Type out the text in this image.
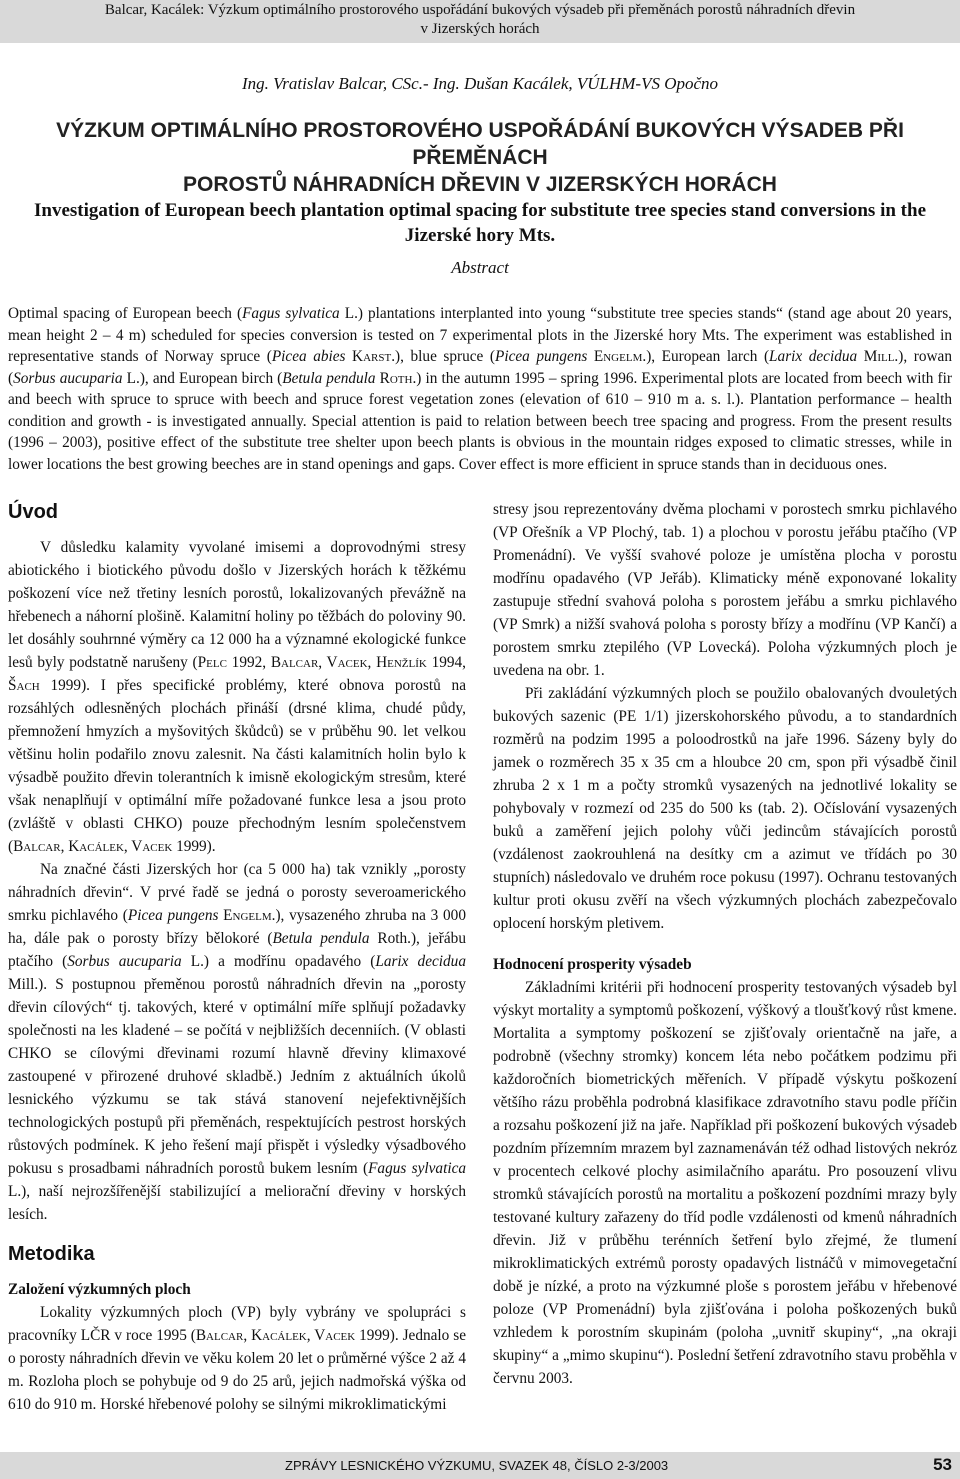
Balcar, Kacálek: Výzkum optimálního prostorového uspořádání bukových výsadeb při přeměnách porostů náhradních dřevin
v Jizerských horách
Ing. Vratislav Balcar, CSc.- Ing. Dušan Kacálek, VÚLHM-VS Opočno
VÝZKUM OPTIMÁLNÍHO PROSTOROVÉHO USPOŘÁDÁNÍ BUKOVÝCH VÝSADEB PŘI PŘEMĚNÁCH
POROSTŮ NÁHRADNÍCH DŘEVIN V JIZERSKÝCH HORÁCH
Investigation of European beech plantation optimal spacing for substitute tree species stand conversions in the Jizerské hory Mts.
Abstract
Optimal spacing of European beech (Fagus sylvatica L.) plantations interplanted into young “substitute tree species stands“ (stand age about 20 years, mean height 2 – 4 m) scheduled for species conversion is tested on 7 experimental plots in the Jizerské hory Mts. The experiment was established in representative stands of Norway spruce (Picea abies Karst.), blue spruce (Picea pungens Engelm.), European larch (Larix decidua Mill.), rowan (Sorbus aucuparia L.), and European birch (Betula pendula Roth.) in the autumn 1995 – spring 1996. Experimental plots are located from beech with fir and beech with spruce to spruce with beech and spruce forest vegetation zones (elevation of 610 – 910 m a. s. l.). Plantation performance – health condition and growth - is investigated annually. Special attention is paid to relation between beech tree spacing and progress. From the present results (1996 – 2003), positive effect of the substitute tree shelter upon beech plants is obvious in the mountain ridges exposed to climatic stresses, while in lower locations the best growing beeches are in stand openings and gaps. Cover effect is more efficient in spruce stands than in deciduous ones.
Úvod

V důsledku kalamity vyvolané imisemi a doprovodnými stresy abiotického i biotického původu došlo v Jizerských horách k těžkému poškození více než třetiny lesních porostů, lokalizovaných převážně na hřebenech a náhorní plošině. Kalamitní holiny po těžbách do poloviny 90. let dosáhly souhrnné výměry ca 12 000 ha a významné ekologické funkce lesů byly podstatně narušeny (Pelc 1992, Balcar, Vacek, Henžlík 1994, Šach 1999). I přes specifické problémy, které obnova porostů na rozsáhlých odlesněných plochách přináší (drsné klima, chudé půdy, přemnožení hmyzích a myšovitých škůdců) se v průběhu 90. let velkou většinu holin podařilo znovu zalesnit. Na části kalamitních holin bylo k výsadbě použito dřevin tolerantních k imisně ekologickým stresům, které však nenaplňují v optimální míře požadované funkce lesa a jsou proto (zvláště v oblasti CHKO) pouze přechodným lesním společenstvem (Balcar, Kacálek, Vacek 1999).

Na značné části Jizerských hor (ca 5 000 ha) tak vznikly „porosty náhradních dřevin“. V prvé řadě se jedná o porosty severoamerického smrku pichlavého (Picea pungens Engelm.), vysazeného zhruba na 3 000 ha, dále pak o porosty břízy bělokoré (Betula pendula Roth.), jeřábu ptačího (Sorbus aucuparia L.) a modřínu opadavého (Larix decidua Mill.). S postupnou přeměnou porostů náhradních dřevin na „porosty dřevin cílových“ tj. takových, které v optimální míře splňují požadavky společnosti na les kladené – se počítá v nejbližších decenniích. (V oblasti CHKO se cílovými dřevinami rozumí hlavně dřeviny klimaxové zastoupené v přirozené druhové skladbě.) Jedním z aktuálních úkolů lesnického výzkumu se tak stává stanovení nejefektivnějších technologických postupů při přeměnách, respektujících pestrost horských růstových podmínek. K jeho řešení mají přispět i výsledky výsadbového pokusu s prosadbami náhradních porostů bukem lesním (Fagus sylvatica L.), naší nejrozšířenější stabilizující a meliorační dřeviny v horských lesích.

Metodika
Založení výzkumných ploch

Lokality výzkumných ploch (VP) byly vybrány ve spolupráci s pracovníky LČR v roce 1995 (Balcar, Kacálek, Vacek 1999). Jednalo se o porosty náhradních dřevin ve věku kolem 20 let o průměrné výšce 2 až 4 m. Rozloha ploch se pohybuje od 9 do 25 arů, jejich nadmořská výška od 610 do 910 m. Horské hřebenové polohy se silnými mikroklimatickými

stresy jsou reprezentovány dvěma plochami v porostech smrku pichlavého (VP Ořešník a VP Plochý, tab. 1) a plochou v porostu jeřábu ptačího (VP Promenádní). Ve vyšší svahové poloze je umístěna plocha v porostu modřínu opadavého (VP Jeřáb). Klimaticky méně exponované lokality zastupuje střední svahová poloha s porostem jeřábu a smrku pichlavého (VP Smrk) a nižší svahová poloha s porosty břízy a modřínu (VP Kančí) a porostem smrku ztepilého (VP Lovecká). Poloha výzkumných ploch je uvedena na obr. 1.

Při zakládání výzkumných ploch se použilo obalovaných dvouletých bukových sazenic (PE 1/1) jizerskohorského původu, a to standardních rozměrů na podzim 1995 a poloodrostků na jaře 1996. Sázeny byly do jamek o rozměrech 35 x 35 cm a hloubce 20 cm, spon při výsadbě činil zhruba 2 x 1 m a počty stromků vysazených na jednotlivé lokality se pohybovaly v rozmezí od 235 do 500 ks (tab. 2). Očíslování vysazených buků a zaměření jejich polohy vůči jedincům stávajících porostů (vzdálenost zaokrouhlená na desítky cm a azimut ve třídách po 30 stupních) následovalo ve druhém roce pokusu (1997). Ochranu testovaných kultur proti okusu zvěří na všech výzkumných plochách zabezpečovalo oplocení horským pletivem.

Hodnocení prosperity výsadeb

Základními kritérii při hodnocení prosperity testovaných výsadeb byl výskyt mortality a symptomů poškození, výškový a tloušťkový růst kmene. Mortalita a symptomy poškození se zjišťovaly orientačně na jaře, a podrobně (všechny stromky) koncem léta nebo počátkem podzimu při každoročních biometrických měřeních. V případě výskytu poškození většího rázu proběhla podrobná klasifikace zdravotního stavu podle příčin a rozsahu poškození již na jaře. Například při poškození bukových výsadeb pozdním přízemním mrazem byl zaznamenáván též odhad listových nekróz v procentech celkové plochy asimilačního aparátu. Pro posouzení vlivu stromků stávajících porostů na mortalitu a poškození pozdními mrazy byly testované kultury zařazeny do tříd podle vzdálenosti od kmenů náhradních dřevin. Již v průběhu terénních šetření bylo zřejmé, že tlumení mikroklimatických extrémů porosty opadavých listnáčů v mimovegetační době je nízké, a proto na výzkumné ploše s porostem jeřábu v hřebenové poloze (VP Promenádní) byla zjišťována i poloha poškozených buků vzhledem k porostním skupinám (poloha „uvnitř skupiny“, „na okraji skupiny“ a „mimo skupinu“). Poslední šetření zdravotního stavu proběhla v červnu 2003.

ZPRÁVY LESNICKÉHO VÝZKUMU, SVAZEK 48, ČÍSLO 2-3/2003	53
